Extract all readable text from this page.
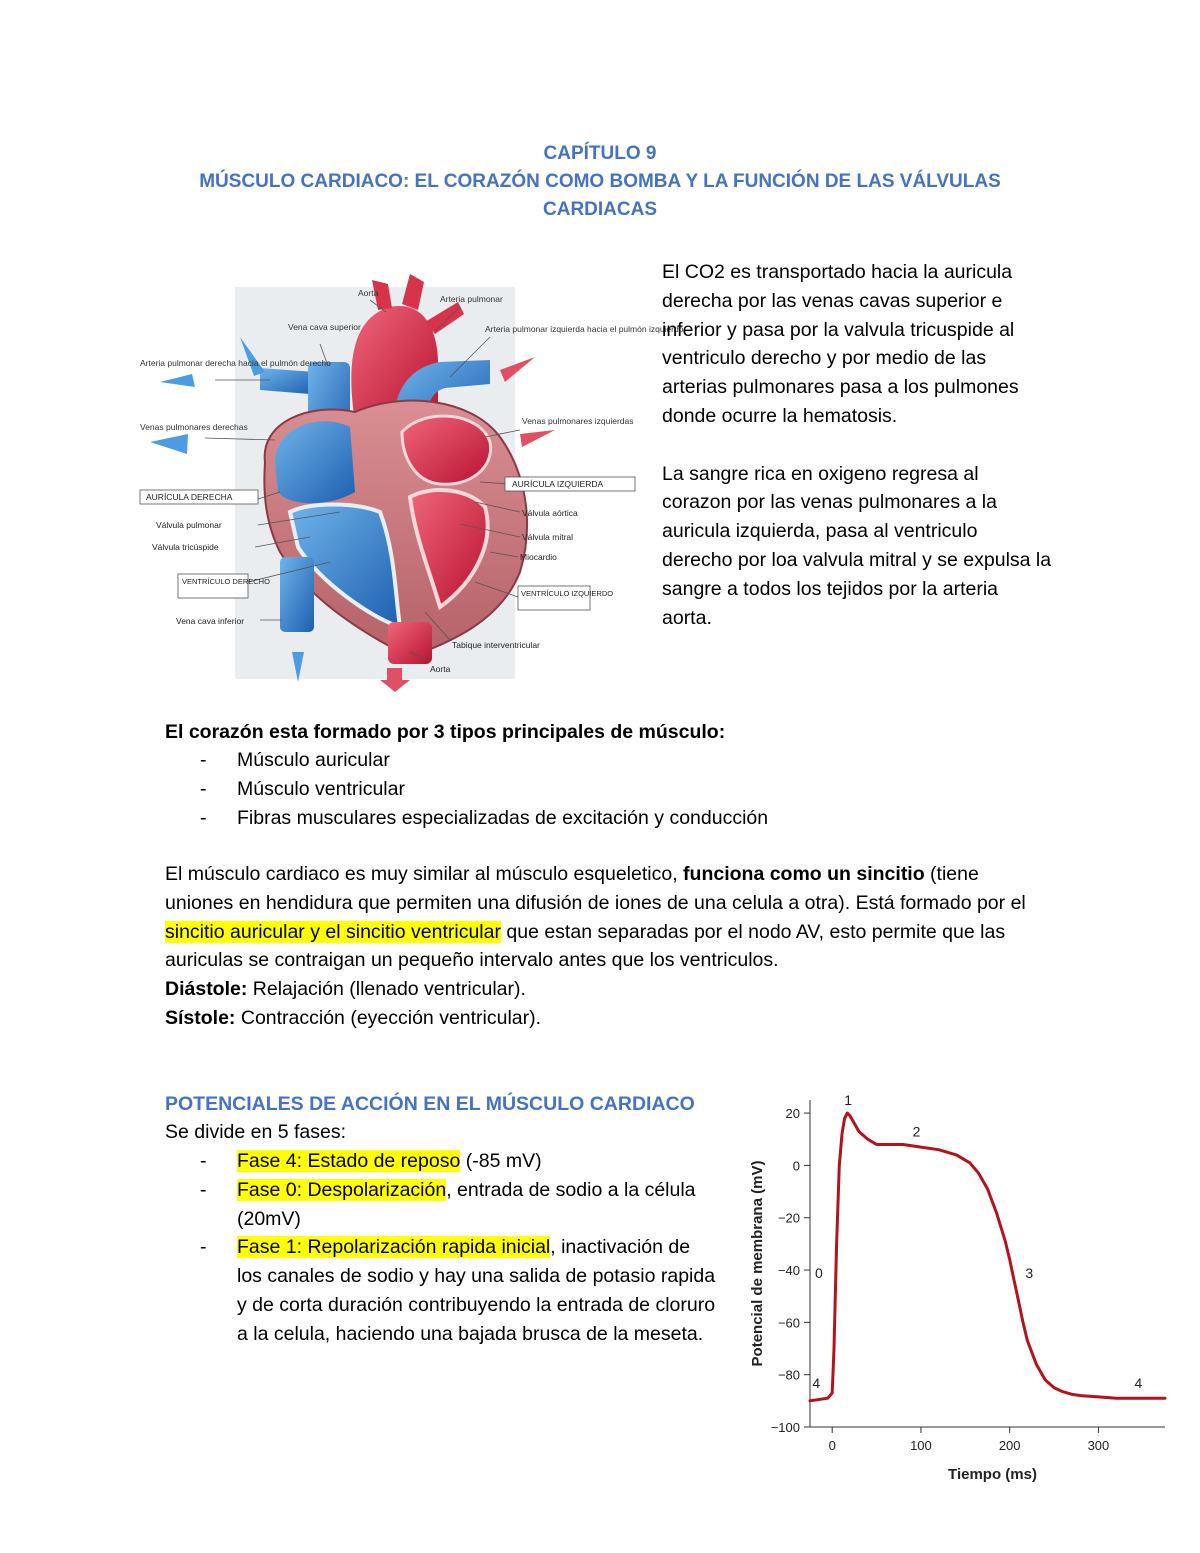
CAPÍTULO 9
MÚSCULO CARDIACO: EL CORAZÓN COMO BOMBA Y LA FUNCIÓN DE LAS VÁLVULAS
CARDIACAS
Aorta
Arteria pulmonar
Vena cava superior	Arteria pulmonar izquierda hacia el pulmón izquierdo
Arteria pulmonar derecha hacia el pulmón derecho
Venas pulmonares derechas
Venas pulmonares izquierdas
AURÍCULA DERECHA
AURÍCULA IZQUIERDA
Válvula pulmonar
Válvula aórtica
Válvula tricúspide
Válvula mitral
Miocardio
VENTRÍCULO DERECHO
VENTRÍCULO IZQUIERDO
Vena cava inferior
Tabique interventricular
Aorta

El CO2 es transportado hacia la auricula derecha por las venas cavas superior e inferior y pasa por la valvula tricuspide al ventriculo derecho y por medio de las arterias pulmonares pasa a los pulmones donde ocurre la hematosis.

La sangre rica en oxigeno regresa al corazon por las venas pulmonares a la auricula izquierda, pasa al ventriculo derecho por loa valvula mitral y se expulsa la sangre a todos los tejidos por la arteria aorta.

El corazón esta formado por 3 tipos principales de músculo:
- Músculo auricular
- Músculo ventricular
- Fibras musculares especializadas de excitación y conducción
El músculo cardiaco es muy similar al músculo esqueletico, funciona como un sincitio (tiene uniones en hendidura que permiten una difusión de iones de una celula a otra). Está formado por el sincitio auricular y el sincitio ventricular que estan separadas por el nodo AV, esto permite que las auriculas se contraigan un pequeño intervalo antes que los ventriculos.
Diástole: Relajación (llenado ventricular).
Sístole: Contracción (eyección ventricular).
POTENCIALES DE ACCIÓN EN EL MÚSCULO CARDIACO
Se divide en 5 fases:
- Fase 4: Estado de reposo (-85 mV)
- Fase 0: Despolarización, entrada de sodio a la célula (20mV)
- Fase 1: Repolarización rapida inicial, inactivación de los canales de sodio y hay una salida de potasio rapida y de corta duración contribuyendo la entrada de cloruro a la celula, haciendo una bajada brusca de la meseta.
20
0
−20
−40
−60
−80
−100
0	100	200	300
1
2
3
0
4	4
Tiempo (ms)
Potencial de membrana (mV)
